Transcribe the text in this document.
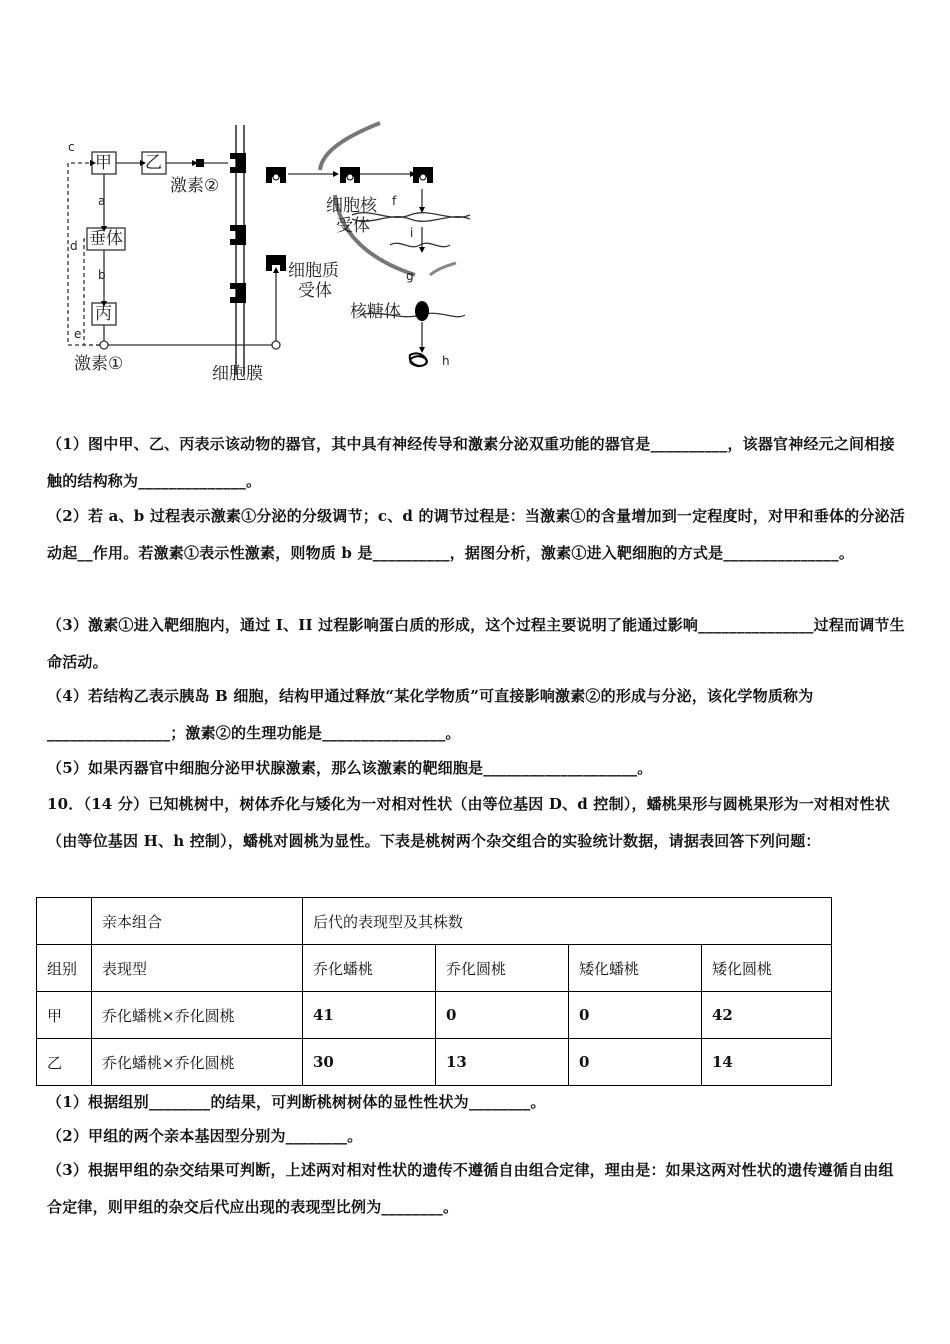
c
甲 乙
激素②
a
d 垂体
b
丙
e
激素①	细胞膜
细胞质
受体
细胞核
受体
f
i
g
核糖体
h
（1）图中甲、乙、丙表示该动物的器官，其中具有神经传导和激素分泌双重功能的器官是__________，该器官神经元之间相接触的结构称为______________。
（2）若 a、b 过程表示激素①分泌的分级调节；c、d 的调节过程是：当激素①的含量增加到一定程度时，对甲和垂体的分泌活动起__作用。若激素①表示性激素，则物质 b 是__________，据图分析，激素①进入靶细胞的方式是_______________。
（3）激素①进入靶细胞内，通过 I、II 过程影响蛋白质的形成，这个过程主要说明了能通过影响_______________过程而调节生命活动。
（4）若结构乙表示胰岛 B 细胞，结构甲通过释放“某化学物质”可直接影响激素②的形成与分泌，该化学物质称为________________；激素②的生理功能是________________。
（5）如果丙器官中细胞分泌甲状腺激素，那么该激素的靶细胞是____________________。
10．（14 分）已知桃树中，树体乔化与矮化为一对相对性状（由等位基因 D、d 控制），蟠桃果形与圆桃果形为一对相对性状（由等位基因 H、h 控制），蟠桃对圆桃为显性。下表是桃树两个杂交组合的实验统计数据，请据表回答下列问题：
	亲本组合	后代的表现型及其株数			
组别	表现型	乔化蟠桃	乔化圆桃	矮化蟠桃	矮化圆桃
甲	乔化蟠桃×乔化圆桃	41	0	0	42
乙	乔化蟠桃×乔化圆桃	30	13	0	14
（1）根据组别________的结果，可判断桃树树体的显性性状为________。
（2）甲组的两个亲本基因型分别为________。
（3）根据甲组的杂交结果可判断，上述两对相对性状的遗传不遵循自由组合定律，理由是：如果这两对性状的遗传遵循自由组合定律，则甲组的杂交后代应出现的表现型比例为________。
